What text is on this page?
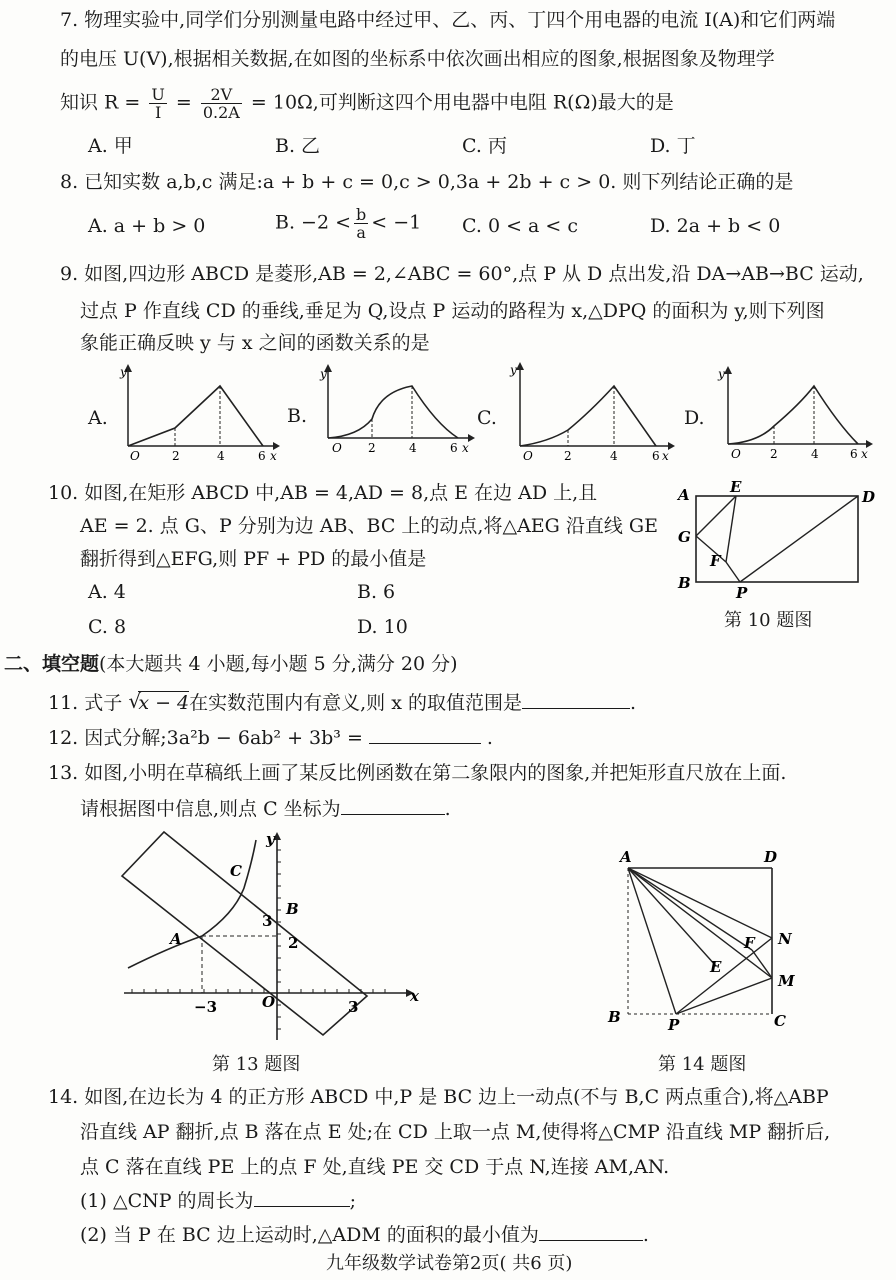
7. 物理实验中,同学们分别测量电路中经过甲、乙、丙、丁四个用电器的电流 I(A)和它们两端
的电压 U(V),根据相关数据,在如图的坐标系中依次画出相应的图象,根据图象及物理学
知识 $R = \frac{U}{I} = \frac{2V}{0.2A} = 10\Omega$,可判断这四个用电器中电阻 R(Ω)最大的是
A. 甲	B. 乙	C. 丙	D. 丁
8. 已知实数 a,b,c 满足:a + b + c = 0,c > 0,3a + 2b + c > 0. 则下列结论正确的是
A. a + b > 0	B. $-2 < \frac{b}{a} < -1$ C. 0 < a < c	D. 2a + b < 0
9. 如图,四边形 ABCD 是菱形,AB = 2,∠ABC = 60°,点 P 从 D 点出发,沿 DA→AB→BC 运动,
过点 P 作直线 CD 的垂线,垂足为 Q,设点 P 运动的路程为 x,△DPQ 的面积为 y,则下列图
象能正确反映 y 与 x 之间的函数关系的是
A.
y
O	2	4	6 x
B.
y
O 2	4	6 x
C.
y
O	2	4	6 x
D.
y
O 2	4	6 x
10. 如图,在矩形 ABCD 中,AB = 4,AD = 8,点 E 在边 AD 上,且
AE = 2. 点 G、P 分别为边 AB、BC 上的动点,将△AEG 沿直线 GE
翻折得到△EFG,则 PF + PD 的最小值是
A. 4	B. 6
C. 8	D. 10
A	E
D
G
F
B
P
第 10 题图
二、填空题(本大题共 4 小题,每小题 5 分,满分 20 分)
11. 式子 √
x − 4在实数范围内有意义,则 x 的取值范围是	.
12. 因式分解;3a²b − 6ab² + 3b³ =	.
13. 如图,小明在草稿纸上画了某反比例函数在第二象限内的图象,并把矩形直尺放在上面.
请根据图中信息,则点 C 坐标为	.
y
x
C
B
A
O
3
2
−3	3
第 13 题图
A	D
N
F
E
M
B	P	C
第 14 题图
14. 如图,在边长为 4 的正方形 ABCD 中,P 是 BC 边上一动点(不与 B,C 两点重合),将△ABP
沿直线 AP 翻折,点 B 落在点 E 处;在 CD 上取一点 M,使得将△CMP 沿直线 MP 翻折后,
点 C 落在直线 PE 上的点 F 处,直线 PE 交 CD 于点 N,连接 AM,AN.
(1) △CNP 的周长为	;
(2) 当 P 在 BC 边上运动时,△ADM 的面积的最小值为	.
九年级数学试卷第2页( 共6 页)
